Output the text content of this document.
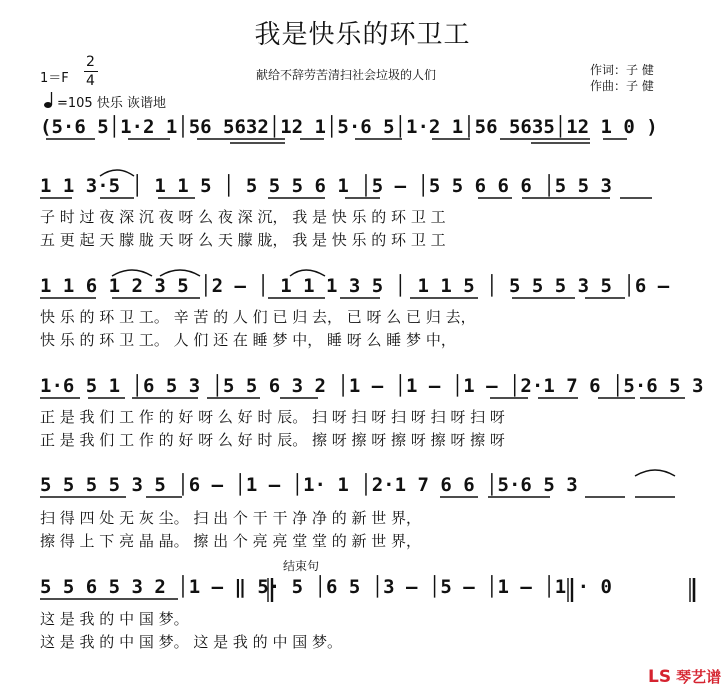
我是快乐的环卫工
1＝F
2
4
=105 快乐 诙谐地
献给不辞劳苦清扫社会垃圾的人们	作词：子 健
作曲：子 健
(5·6 5│1·2 1│56 5632│12 1│5·6 5│1·2 1│56 5635│12 1 0 )
1 1 3·5 │ 1 1 5 │ 5 5 5 6 1 │5 – │5 5 6 6 6 │5 5 3
子 时 过 夜 深 沉 夜 呀 么 夜 深 沉， 我 是 快 乐 的 环 卫 工
五 更 起 天 朦 胧 天 呀 么 天 朦 胧， 我 是 快 乐 的 环 卫 工
1 1 6 1 2 3 5 │2 – │ 1 1 1 3 5 │ 1 1 5 │ 5 5 5 3 5 │6 –
快 乐 的 环 卫 工。 辛 苦 的 人 们 已 归 去， 已 呀 么 已 归 去，
快 乐 的 环 卫 工。 人 们 还 在 睡 梦 中， 睡 呀 么 睡 梦 中，
1·6 5 1 │6 5 3 │5 5 6 3 2 │1 – │1 – │1 – │2·1 7 6 │5·6 5 3
正 是 我 们 工 作 的 好 呀 么 好 时 辰。 扫 呀 扫 呀 扫 呀 扫 呀 扫 呀
正 是 我 们 工 作 的 好 呀 么 好 时 辰。 擦 呀 擦 呀 擦 呀 擦 呀 擦 呀
5 5 5 5 3 5 │6 – │1 – │1· 1 │2·1 7 6 6 │5·6 5 3
扫 得 四 处 无 灰 尘。 扫 出 个 干 干 净 净 的 新 世 界，
擦 得 上 下 亮 晶 晶。 擦 出 个 亮 亮 堂 堂 的 新 世 界，
结束句
5 5 6 5 3 2 │1 – ‖ 5· 5 │6 5 │3 – │5 – │1 – │1 · 0
这 是 我 的 中 国 梦。
这 是 我 的 中 国 梦。 这 是 我 的 中 国 梦。
LS 琴艺谱
